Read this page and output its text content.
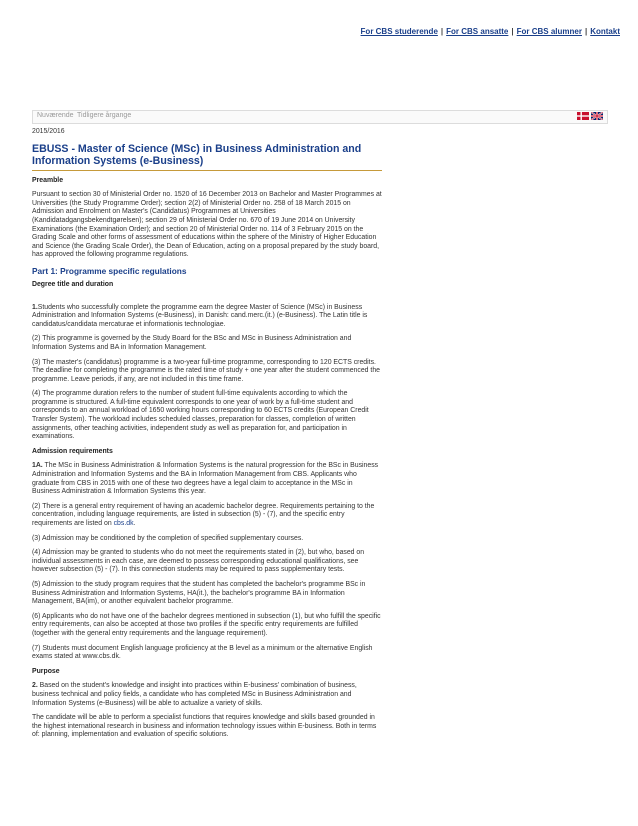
For CBS studerende | For CBS ansatte | For CBS alumner | Kontakt
Nuværende Tidligere årgange
2015/2016
EBUSS - Master of Science (MSc) in Business Administration and Information Systems (e-Business)
Preamble
Pursuant to section 30 of Ministerial Order no. 1520 of 16 December 2013 on Bachelor and Master Programmes at Universities (the Study Programme Order); section 2(2) of Ministerial Order no. 258 of 18 March 2015 on Admission and Enrolment on Master's (Candidatus) Programmes at Universities (Kandidatadgangsbekendtgørelsen); section 29 of Ministerial Order no. 670 of 19 June 2014 on University Examinations (the Examination Order); and section 20 of Ministerial Order no. 114 of 3 February 2015 on the Grading Scale and other forms of assessment of educations within the sphere of the Ministry of Higher Education and Science (the Grading Scale Order), the Dean of Education, acting on a proposal prepared by the study board, has approved the following programme regulations.
Part 1: Programme specific regulations
Degree title and duration
1.Students who successfully complete the programme earn the degree Master of Science (MSc) in Business Administration and Information Systems (e-Business), in Danish: cand.merc.(it.) (e-Business). The Latin title is candidatus/candidata mercaturae et informationis technologiae.
(2) This programme is governed by the Study Board for the BSc and MSc in Business Administration and Information Systems and BA in Information Management.
(3) The master's (candidatus) programme is a two-year full-time programme, corresponding to 120 ECTS credits. The deadline for completing the programme is the rated time of study + one year after the student commenced the programme. Leave periods, if any, are not included in this time frame.
(4) The programme duration refers to the number of student full-time equivalents according to which the programme is structured. A full-time equivalent corresponds to one year of work by a full-time student and corresponds to an annual workload of 1650 working hours corresponding to 60 ECTS credits (European Credit Transfer System). The workload includes scheduled classes, preparation for classes, completion of written assignments, other teaching activities, independent study as well as preparation for, and participation in examinations.
Admission requirements
1A. The MSc in Business Administration & Information Systems is the natural progression for the BSc in Business Administration and Information Systems and the BA in Information Management from CBS. Applicants who graduate from CBS in 2015 with one of these two degrees have a legal claim to acceptance in the MSc in Business Administration & Information Systems this year.
(2) There is a general entry requirement of having an academic bachelor degree. Requirements pertaining to the concentration, including language requirements, are listed in subsection (5) - (7), and the specific entry requirements are listed on cbs.dk.
(3) Admission may be conditioned by the completion of specified supplementary courses.
(4) Admission may be granted to students who do not meet the requirements stated in (2), but who, based on individual assessments in each case, are deemed to possess corresponding educational qualifications, see however subsection (5) - (7). In this connection students may be required to pass supplementary tests.
(5) Admission to the study program requires that the student has completed the bachelor's programme BSc in Business Administration and Information Systems, HA(it.), the bachelor's programme BA in Information Management, BA(im), or another equivalent bachelor programme.
(6) Applicants who do not have one of the bachelor degrees mentioned in subsection (1), but who fulfill the specific entry requirements, can also be accepted at those two profiles if the specific entry requirements are fulfilled (together with the general entry requirements and the language requirement).
(7) Students must document English language proficiency at the B level as a minimum or the alternative English exams stated at www.cbs.dk.
Purpose
2. Based on the student's knowledge and insight into practices within E-business' combination of business, business technical and policy fields, a candidate who has completed MSc in Business Administration and Information Systems (e-Business) will be able to actualize a variety of skills.
The candidate will be able to perform a specialist functions that requires knowledge and skills based grounded in the highest international research in business and information technology issues within E-business. Both in terms of: planning, implementation and evaluation of specific solutions.
